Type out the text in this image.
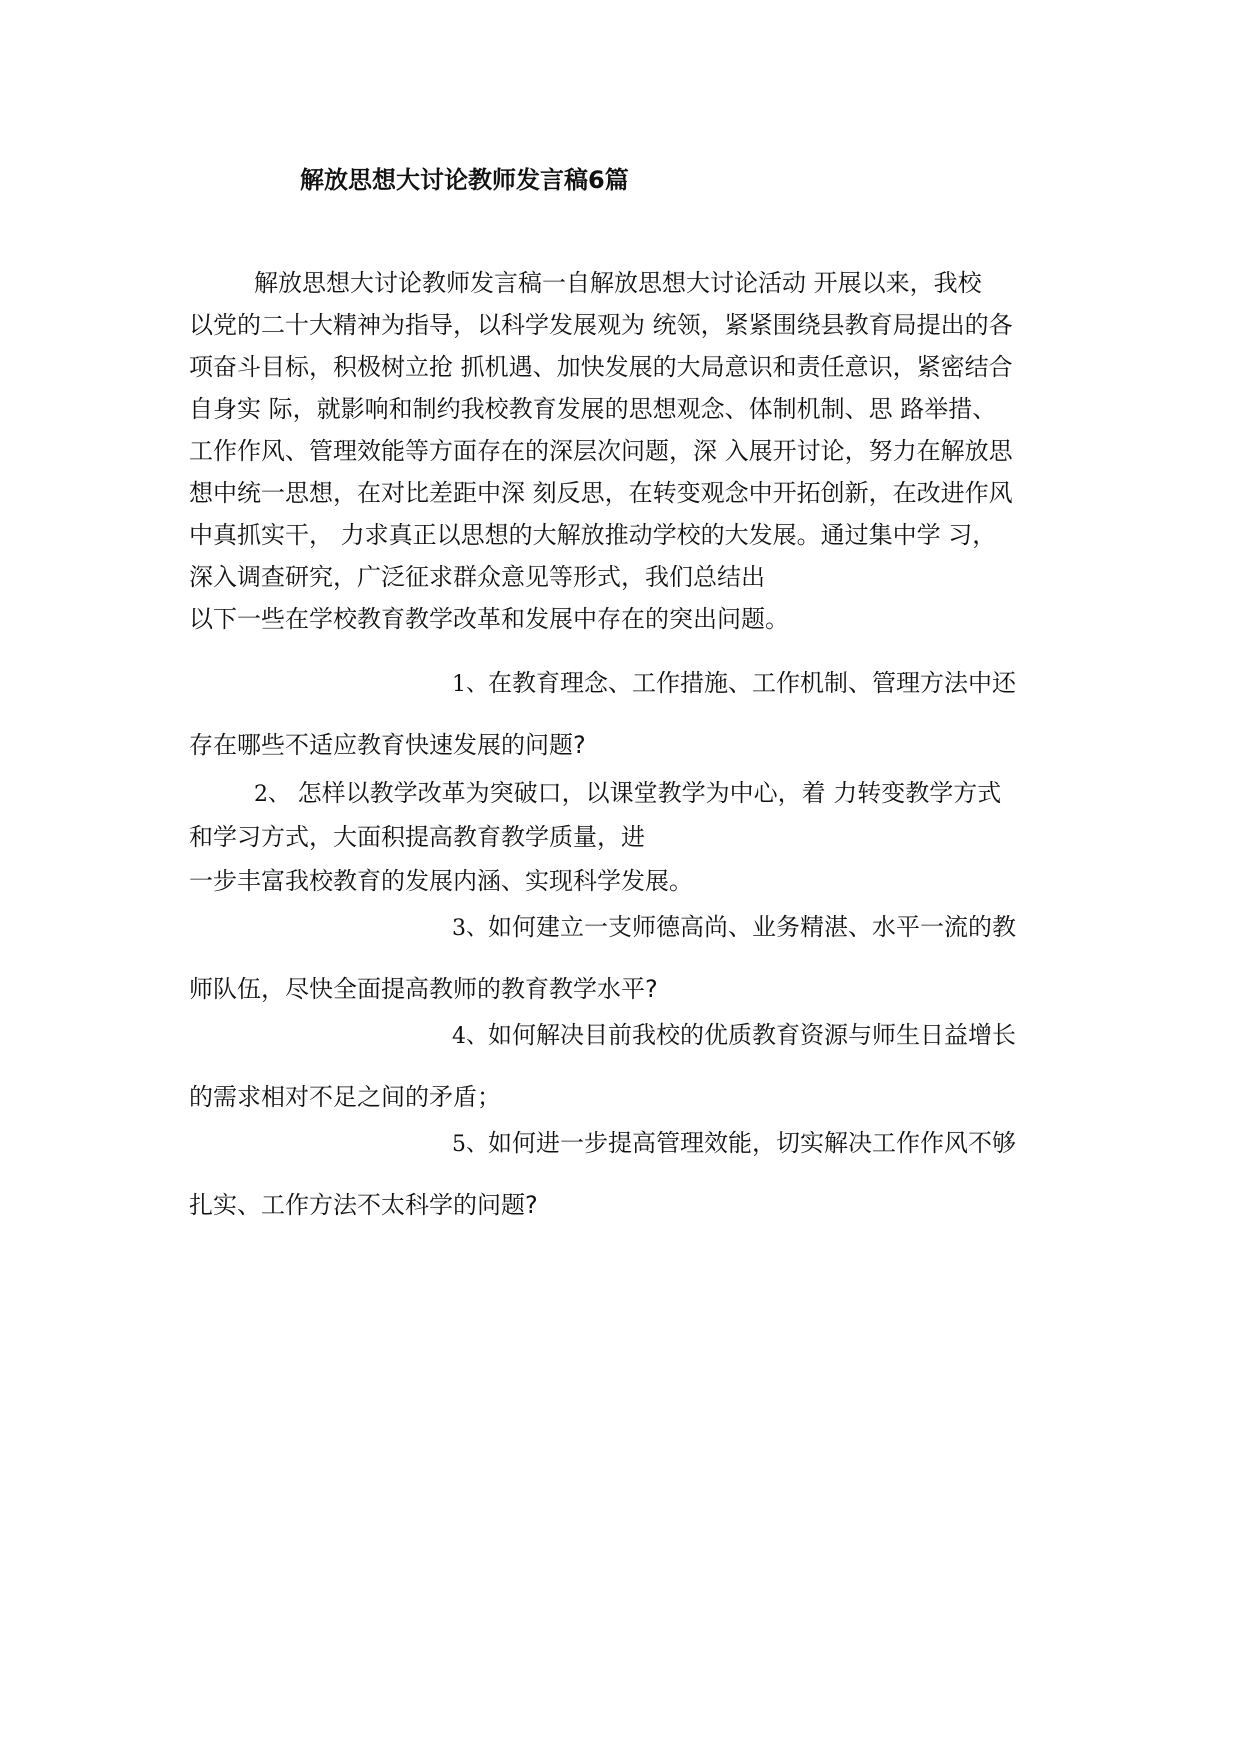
解放思想大讨论教师发言稿6篇
解放思想大讨论教师发言稿一自解放思想大讨论活动 开展以来，我校
以党的二十大精神为指导，以科学发展观为 统领，紧紧围绕县教育局提出的各
项奋斗目标，积极树立抢 抓机遇、加快发展的大局意识和责任意识，紧密结合
自身实 际，就影响和制约我校教育发展的思想观念、体制机制、思 路举措、
工作作风、管理效能等方面存在的深层次问题，深 入展开讨论，努力在解放思
想中统一思想，在对比差距中深 刻反思，在转变观念中开拓创新，在改进作风
中真抓实干， 力求真正以思想的大解放推动学校的大发展。通过集中学 习，
深入调查研究，广泛征求群众意见等形式，我们总结出
以下一些在学校教育教学改革和发展中存在的突出问题。
1、在教育理念、工作措施、工作机制、管理方法中还
存在哪些不适应教育快速发展的问题?
2、 怎样以教学改革为突破口，以课堂教学为中心，着 力转变教学方式
和学习方式，大面积提高教育教学质量，进
一步丰富我校教育的发展内涵、实现科学发展。
3、如何建立一支师德高尚、业务精湛、水平一流的教
师队伍，尽快全面提高教师的教育教学水平?
4、如何解决目前我校的优质教育资源与师生日益增长
的需求相对不足之间的矛盾；
5、如何进一步提高管理效能，切实解决工作作风不够
扎实、工作方法不太科学的问题?
